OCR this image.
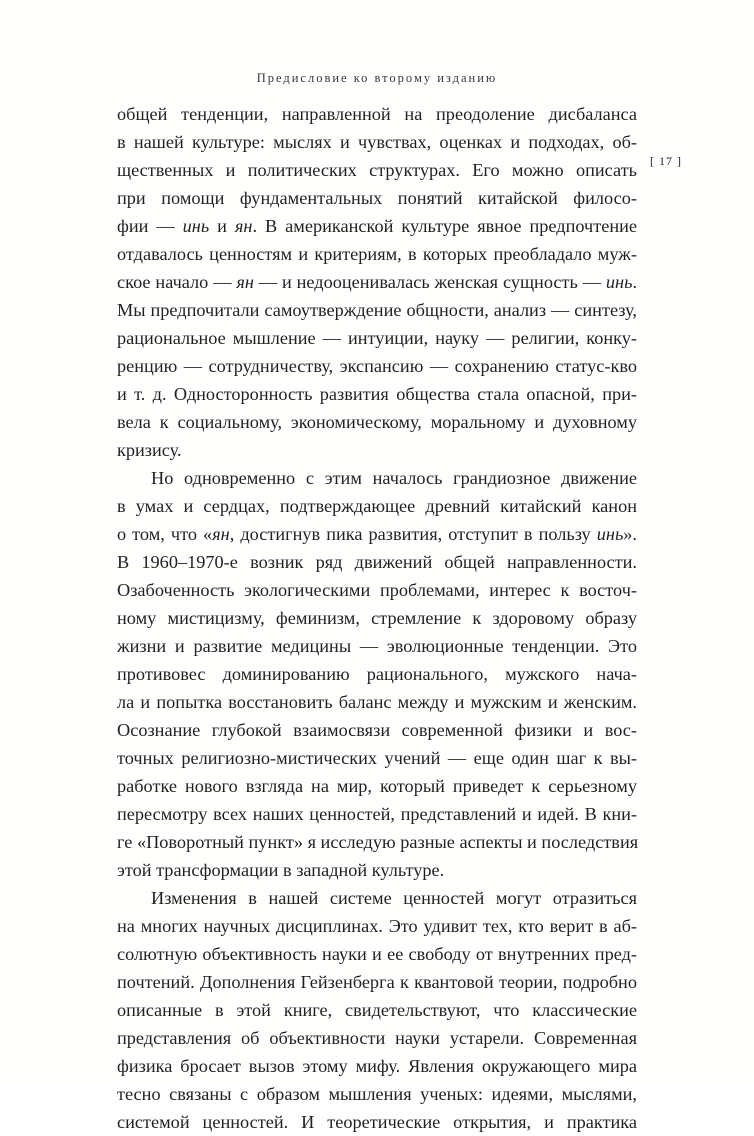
Предисловие ко второму изданию
[ 17 ]
общей тенденции, направленной на преодоление дисбаланса
в нашей культуре: мыслях и чувствах, оценках и подходах, об-
щественных и политических структурах. Его можно описать
при помощи фундаментальных понятий китайской филосо-
фии — инь и ян. В американской культуре явное предпочтение
отдавалось ценностям и критериям, в которых преобладало муж-
ское начало — ян — и недооценивалась женская сущность — инь.
Мы предпочитали самоутверждение общности, анализ — синтезу,
рациональное мышление — интуиции, науку — религии, конку-
ренцию — сотрудничеству, экспансию — сохранению статус-кво
и т. д. Односторонность развития общества стала опасной, при-
вела к социальному, экономическому, моральному и духовному
кризису.
Но одновременно с этим началось грандиозное движение
в умах и сердцах, подтверждающее древний китайский канон
о том, что «ян, достигнув пика развития, отступит в пользу инь».
В 1960–1970-е возник ряд движений общей направленности.
Озабоченность экологическими проблемами, интерес к восточ-
ному мистицизму, феминизм, стремление к здоровому образу
жизни и развитие медицины — эволюционные тенденции. Это
противовес доминированию рационального, мужского нача-
ла и попытка восстановить баланс между и мужским и женским.
Осознание глубокой взаимосвязи современной физики и вос-
точных религиозно-мистических учений — еще один шаг к вы-
работке нового взгляда на мир, который приведет к серьезному
пересмотру всех наших ценностей, представлений и идей. В кни-
ге «Поворотный пункт» я исследую разные аспекты и последствия
этой трансформации в западной культуре.
Изменения в нашей системе ценностей могут отразиться
на многих научных дисциплинах. Это удивит тех, кто верит в аб-
солютную объективность науки и ее свободу от внутренних пред-
почтений. Дополнения Гейзенберга к квантовой теории, подробно
описанные в этой книге, свидетельствуют, что классические
представления об объективности науки устарели. Современная
физика бросает вызов этому мифу. Явления окружающего мира
тесно связаны с образом мышления ученых: идеями, мыслями,
системой ценностей. И теоретические открытия, и практика
